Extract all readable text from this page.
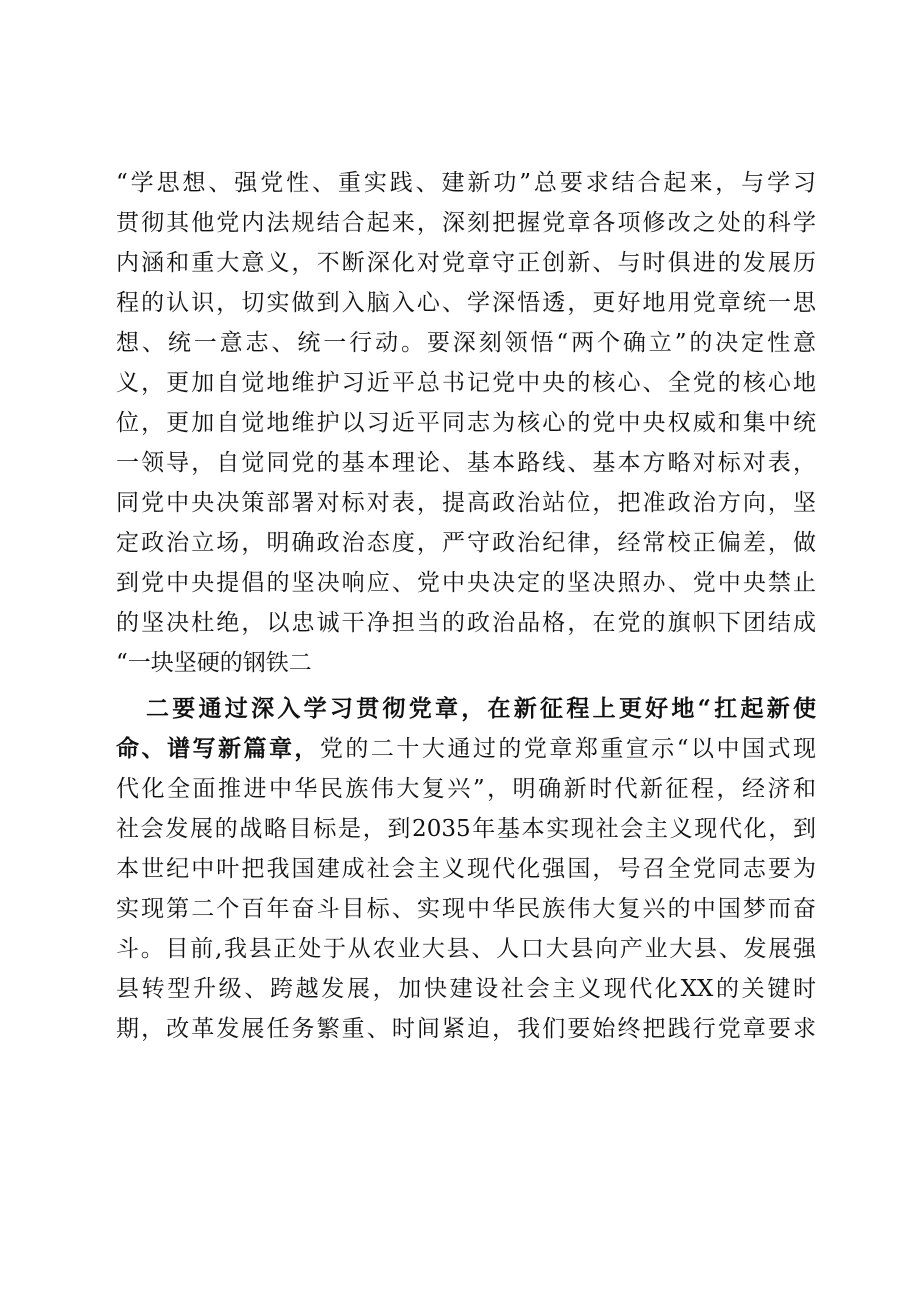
“学思想、强党性、重实践、建新功”总要求结合起来，与学习
贯彻其他党内法规结合起来，深刻把握党章各项修改之处的科学
内涵和重大意义，不断深化对党章守正创新、与时俱进的发展历
程的认识，切实做到入脑入心、学深悟透，更好地用党章统一思
想、统一意志、统一行动。要深刻领悟“两个确立”的决定性意
义，更加自觉地维护习近平总书记党中央的核心、全党的核心地
位，更加自觉地维护以习近平同志为核心的党中央权威和集中统
一领导，自觉同党的基本理论、基本路线、基本方略对标对表，
同党中央决策部署对标对表，提高政治站位，把准政治方向，坚
定政治立场，明确政治态度，严守政治纪律，经常校正偏差，做
到党中央提倡的坚决响应、党中央决定的坚决照办、党中央禁止
的坚决杜绝，以忠诚干净担当的政治品格，在党的旗帜下团结成
“一块坚硬的钢铁二
二要通过深入学习贯彻党章，在新征程上更好地“扛起新使
命、谱写新篇章，党的二十大通过的党章郑重宣示“以中国式现
代化全面推进中华民族伟大复兴”，明确新时代新征程，经济和
社会发展的战略目标是，到2035年基本实现社会主义现代化，到
本世纪中叶把我国建成社会主义现代化强国，号召全党同志要为
实现第二个百年奋斗目标、实现中华民族伟大复兴的中国梦而奋
斗。目前,我县正处于从农业大县、人口大县向产业大县、发展强
县转型升级、跨越发展，加快建设社会主义现代化XX的关键时
期，改革发展任务繁重、时间紧迫，我们要始终把践行党章要求
